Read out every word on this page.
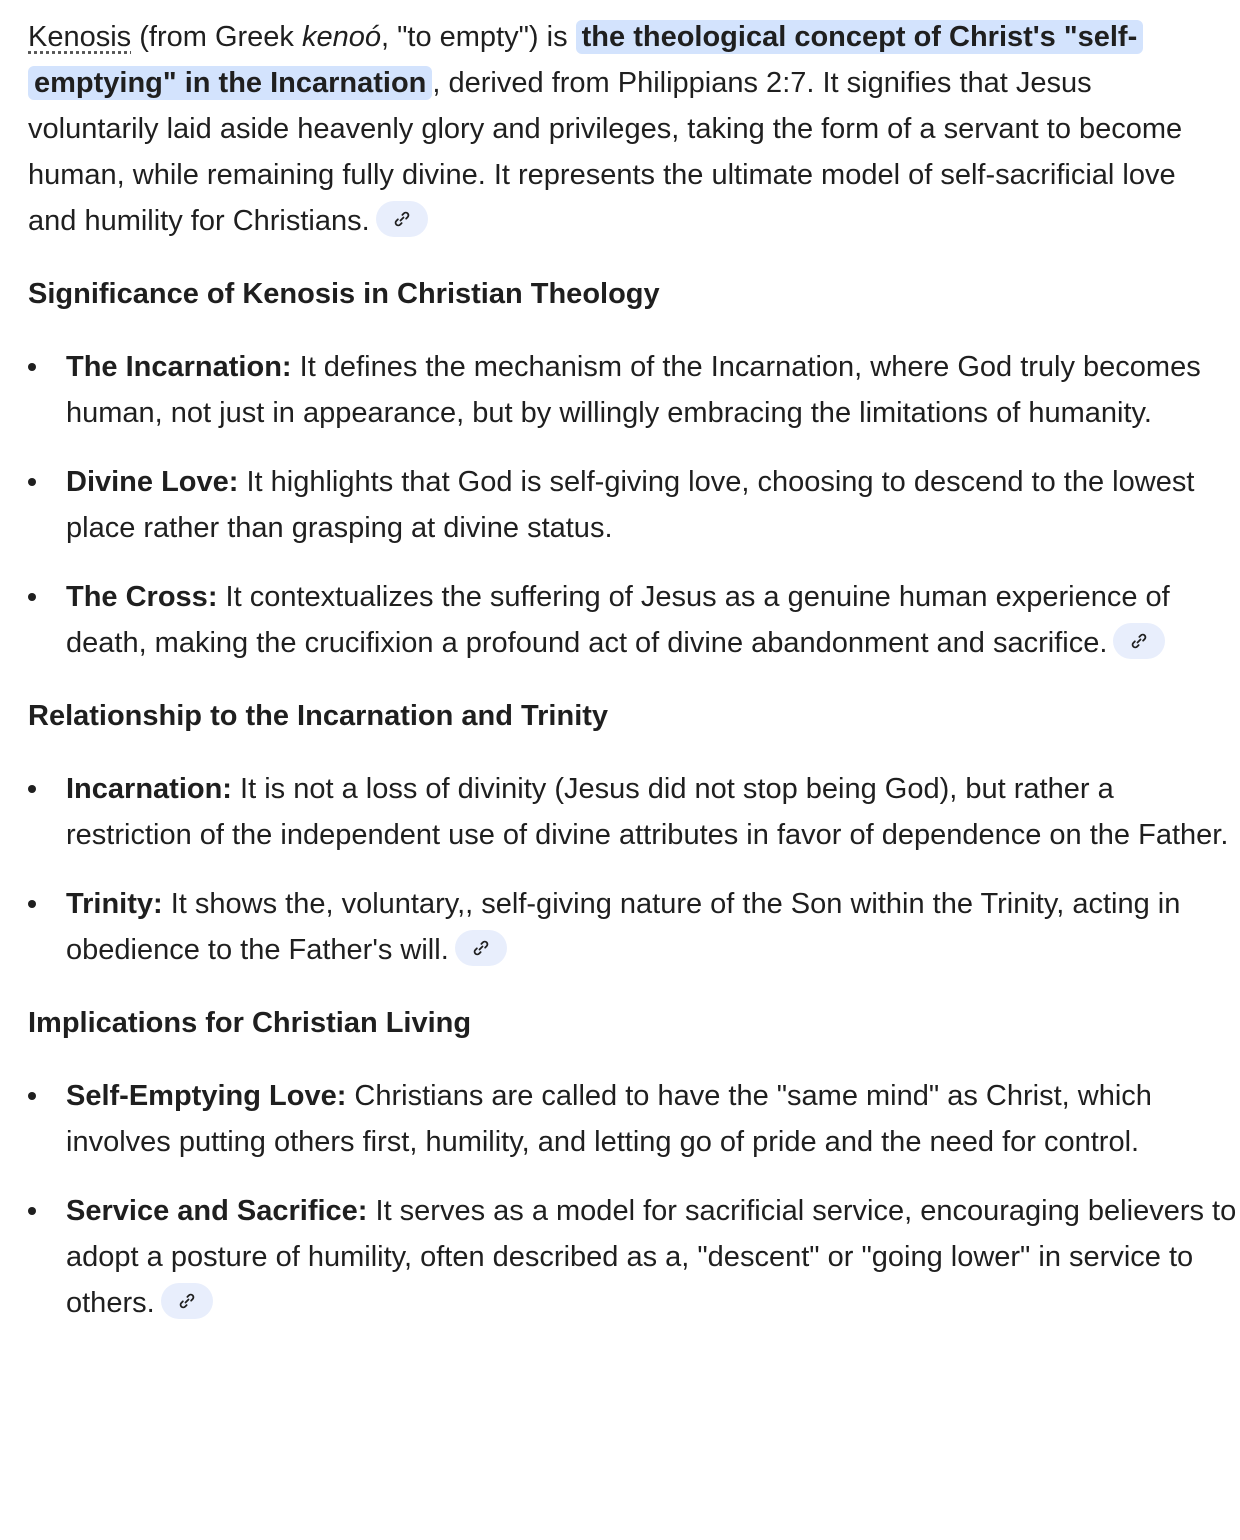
Kenosis (from Greek kenoó, "to empty") is the theological concept of Christ's "self-emptying" in the Incarnation , derived from Philippians 2:7. It signifies that Jesus voluntarily laid aside heavenly glory and privileges, taking the form of a servant to become human, while remaining fully divine. It represents the ultimate model of self-sacrificial love and humility for Christians.

Significance of Kenosis in Christian Theology
The Incarnation: It defines the mechanism of the Incarnation, where God truly becomes human, not just in appearance, but by willingly embracing the limitations of humanity.
Divine Love: It highlights that God is self-giving love, choosing to descend to the lowest place rather than grasping at divine status.
The Cross: It contextualizes the suffering of Jesus as a genuine human experience of death, making the crucifixion a profound act of divine abandonment and sacrifice.
Relationship to the Incarnation and Trinity
Incarnation: It is not a loss of divinity (Jesus did not stop being God), but rather a restriction of the independent use of divine attributes in favor of dependence on the Father.
Trinity: It shows the, voluntary,, self-giving nature of the Son within the Trinity, acting in obedience to the Father's will.
Implications for Christian Living
Self-Emptying Love: Christians are called to have the "same mind" as Christ, which involves putting others first, humility, and letting go of pride and the need for control.
Service and Sacrifice: It serves as a model for sacrificial service, encouraging believers to adopt a posture of humility, often described as a, "descent" or "going lower" in service to others.
